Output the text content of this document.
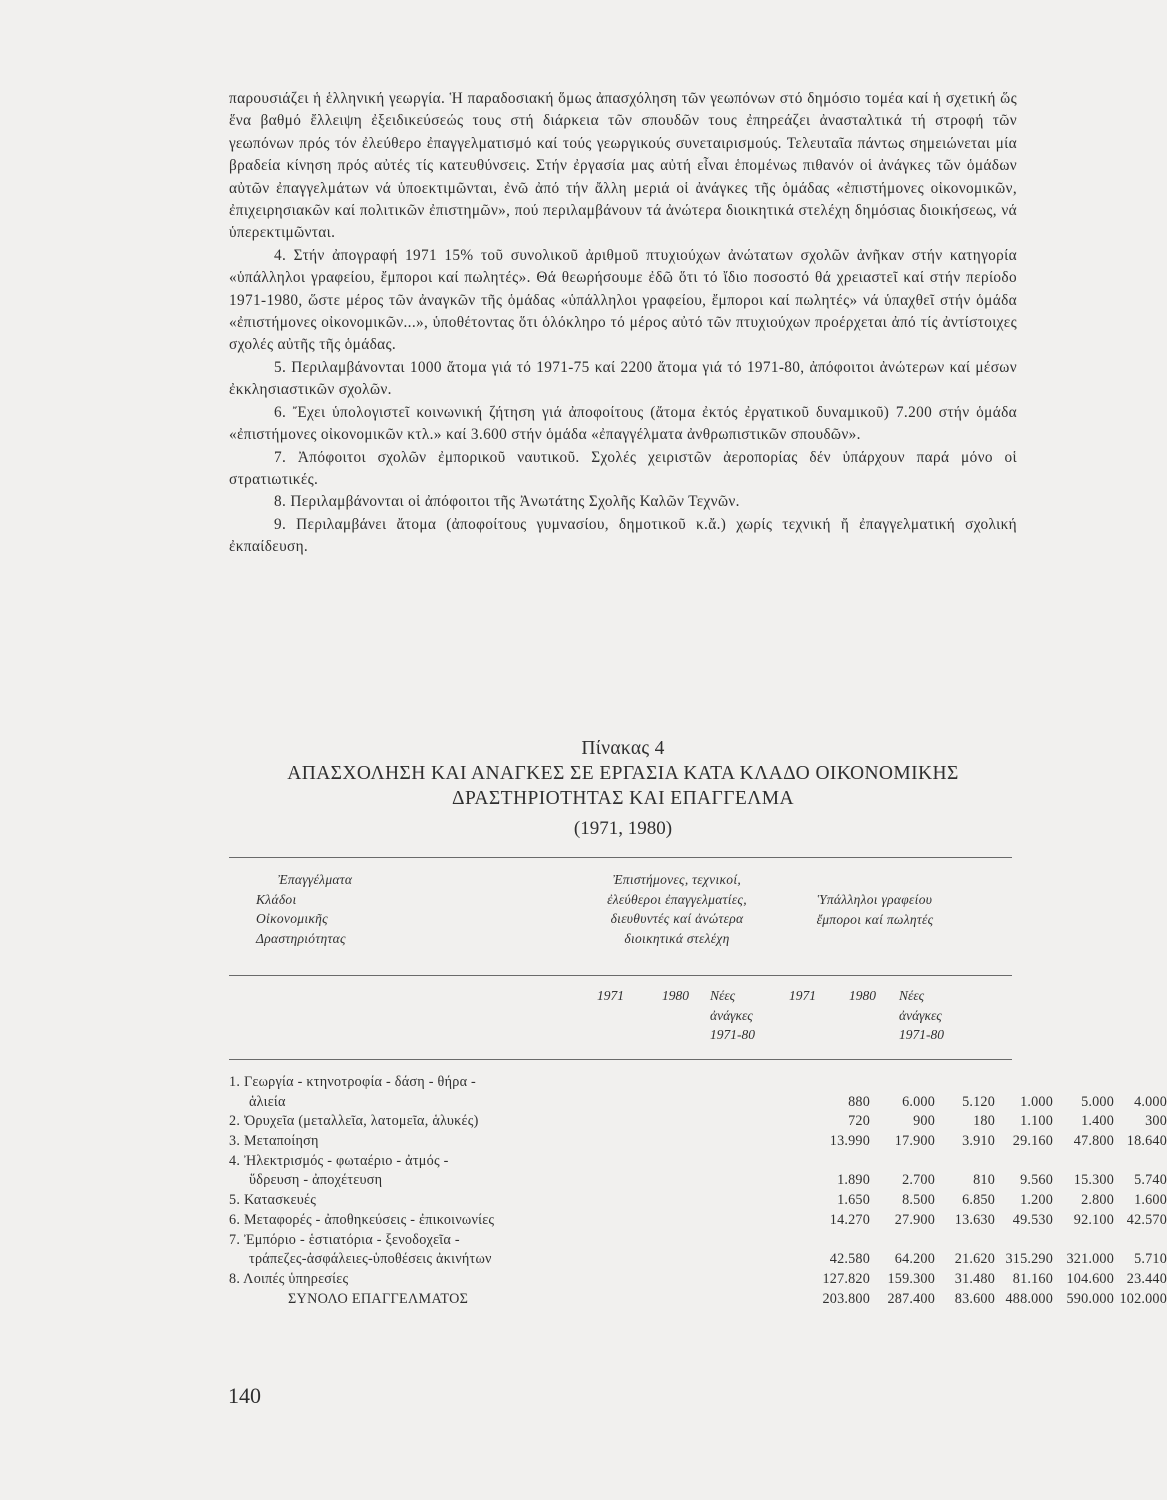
παρουσιάζει ἡ ἑλληνική γεωργία. Ἡ παραδοσιακή ὅμως ἀπασχόληση τῶν γεωπόνων στό δημόσιο τομέα καί ἡ σχετική ὥς ἕνα βαθμό ἔλλειψη ἐξειδικεύσεώς τους στή διάρκεια τῶν σπουδῶν τους ἐπηρεάζει ἀνασταλτικά τή στροφή τῶν γεωπόνων πρός τόν ἐλεύθερο ἐπαγγελματισμό καί τούς γεωργικούς συνεταιρισμούς. Τελευταῖα πάντως σημειώνεται μία βραδεία κίνηση πρός αὐτές τίς κατευθύνσεις. Στήν ἐργασία μας αὐτή εἶναι ἑπομένως πιθανόν οἱ ἀνάγκες τῶν ὁμάδων αὐτῶν ἐπαγγελμάτων νά ὑποεκτιμῶνται, ἐνῶ ἀπό τήν ἄλλη μεριά οἱ ἀνάγκες τῆς ὁμάδας «ἐπιστήμονες οἰκονομικῶν, ἐπιχειρησιακῶν καί πολιτικῶν ἐπιστημῶν», πού περιλαμβάνουν τά ἀνώτερα διοικητικά στελέχη δημόσιας διοικήσεως, νά ὑπερεκτιμῶνται.

4. Στήν ἀπογραφή 1971 15% τοῦ συνολικοῦ ἀριθμοῦ πτυχιούχων ἀνώτατων σχολῶν ἀνῆκαν στήν κατηγορία «ὑπάλληλοι γραφείου, ἔμποροι καί πωλητές». Θά θεωρήσουμε ἐδῶ ὅτι τό ἴδιο ποσοστό θά χρειαστεῖ καί στήν περίοδο 1971-1980, ὥστε μέρος τῶν ἀναγκῶν τῆς ὁμάδας «ὑπάλληλοι γραφείου, ἔμποροι καί πωλητές» νά ὑπαχθεῖ στήν ὁμάδα «ἐπιστήμονες οἰκονομικῶν...», ὑποθέτοντας ὅτι ὁλόκληρο τό μέρος αὐτό τῶν πτυχιούχων προέρχεται ἀπό τίς ἀντίστοιχες σχολές αὐτῆς τῆς ὁμάδας.

5. Περιλαμβάνονται 1000 ἄτομα γιά τό 1971-75 καί 2200 ἄτομα γιά τό 1971-80, ἀπόφοιτοι ἀνώτερων καί μέσων ἐκκλησιαστικῶν σχολῶν.

6. Ἔχει ὑπολογιστεῖ κοινωνική ζήτηση γιά ἀποφοίτους (ἄτομα ἐκτός ἐργατικοῦ δυναμικοῦ) 7.200 στήν ὁμάδα «ἐπιστήμονες οἰκονομικῶν κτλ.» καί 3.600 στήν ὁμάδα «ἐπαγγέλματα ἀνθρωπιστικῶν σπουδῶν».

7. Ἀπόφοιτοι σχολῶν ἐμπορικοῦ ναυτικοῦ. Σχολές χειριστῶν ἀεροπορίας δέν ὑπάρχουν παρά μόνο οἱ στρατιωτικές.

8. Περιλαμβάνονται οἱ ἀπόφοιτοι τῆς Ἀνωτάτης Σχολῆς Καλῶν Τεχνῶν.

9. Περιλαμβάνει ἄτομα (ἀποφοίτους γυμνασίου, δημοτικοῦ κ.ἄ.) χωρίς τεχνική ἤ ἐπαγγελματική σχολική ἐκπαίδευση.

Πίνακας 4
ΑΠΑΣΧΟΛΗΣΗ ΚΑΙ ΑΝΑΓΚΕΣ ΣΕ ΕΡΓΑΣΙΑ ΚΑΤΑ ΚΛΑΔΟ ΟΙΚΟΝΟΜΙΚΗΣ
ΔΡΑΣΤΗΡΙΟΤΗΤΑΣ ΚΑΙ ΕΠΑΓΓΕΛΜΑ
(1971, 1980)
Ἐπαγγέλματα
Κλάδοι
Οἰκονομικῆς
Δραστηριότητας
Ἐπιστήμονες, τεχνικοί,
ἐλεύθεροι ἐπαγγελματίες,
διευθυντές καί ἀνώτερα
διοικητικά στελέχη
Ὑπάλληλοι γραφείου
ἔμποροι καί πωλητές
1971	1980 Νέες
ἀνάγκες
1971-80
1971 1980 Νέες
ἀνάγκες
1971-80
1. Γεωργία - κτηνοτροφία - δάση - θήρα -
ἁλιεία	880 6.000 5.120 1.000 5.000 4.000
2. Ὀρυχεῖα (μεταλλεῖα, λατομεῖα, ἁλυκές)	720	900	180 1.100 1.400 300
3. Μεταποίηση	13.990 17.900 3.910 29.160 47.800 18.640
4. Ἠλεκτρισμός - φωταέριο - ἀτμός -
ὕδρευση - ἀποχέτευση	1.890 2.700	810 9.560 15.300 5.740
5. Κατασκευές	1.650 8.500 6.850 1.200 2.800 1.600
6. Μεταφορές - ἀποθηκεύσεις - ἐπικοινωνίες	14.270 27.900 13.630 49.530 92.100 42.570
7. Ἐμπόριο - ἑστιατόρια - ξενοδοχεῖα -
τράπεζες-ἀσφάλειες-ὑποθέσεις ἀκινήτων	42.580 64.200 21.620 315.290 321.000 5.710
8. Λοιπές ὑπηρεσίες	127.820 159.300 31.480 81.160 104.600 23.440
ΣΥΝΟΛΟ ΕΠΑΓΓΕΛΜΑΤΟΣ	203.800 287.400 83.600 488.000 590.000 102.000
140
